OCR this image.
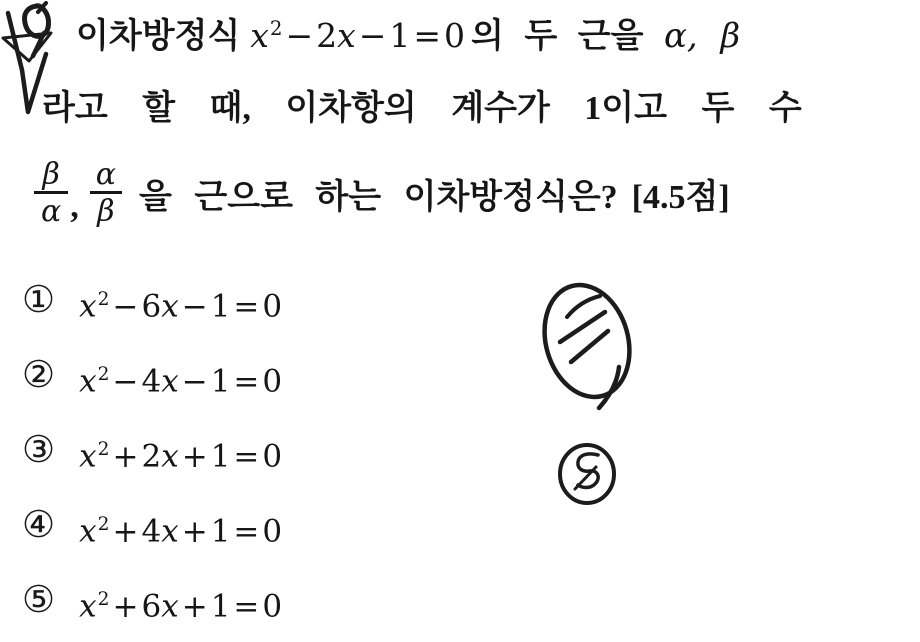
이차방정식 $x^2-2x-1=0$ 의 두 근을 α, β
라고 할 때, 이차항의 계수가 1이고 두 수
$\frac{\beta}{\alpha}$ , $\frac{\alpha}{\beta}$ 을 근으로 하는 이차방정식은? [4.5점]
① $x^2-6x-1=0$
② $x^2-4x-1=0$
③ $x^2+2x+1=0$
④ $x^2+4x+1=0$
⑤ $x^2+6x+1=0$
